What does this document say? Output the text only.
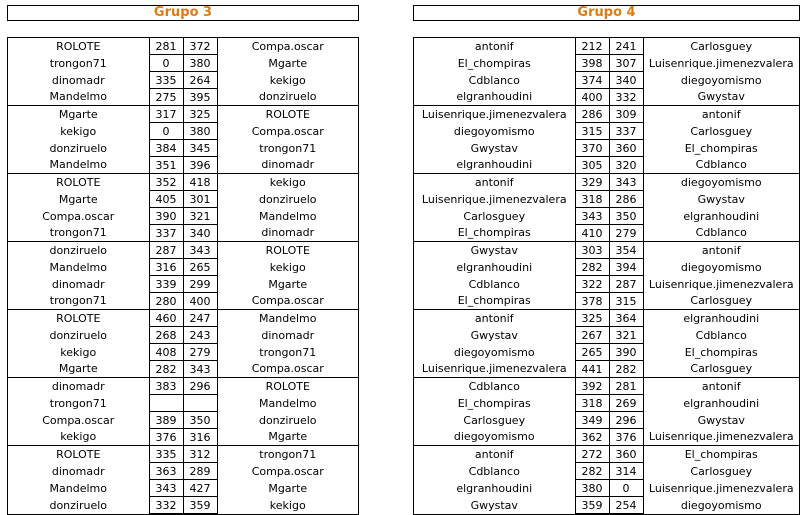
Grupo 3	Grupo 4
ROLOTE	281	372	Compa.oscar
trongon71	0	380	Mgarte
dinomadr	335	264	kekigo
Mandelmo	275	395	donziruelo
Mgarte	317	325	ROLOTE
kekigo	0	380	Compa.oscar
donziruelo	384	345	trongon71
Mandelmo	351	396	dinomadr
ROLOTE	352	418	kekigo
Mgarte	405	301	donziruelo
Compa.oscar	390	321	Mandelmo
trongon71	337	340	dinomadr
donziruelo	287	343	ROLOTE
Mandelmo	316	265	kekigo
dinomadr	339	299	Mgarte
trongon71	280	400	Compa.oscar
ROLOTE	460	247	Mandelmo
donziruelo	268	243	dinomadr
kekigo	408	279	trongon71
Mgarte	282	343	Compa.oscar
dinomadr	383	296	ROLOTE
trongon71			Mandelmo
Compa.oscar	389	350	donziruelo
kekigo	376	316	Mgarte
ROLOTE	335	312	trongon71
dinomadr	363	289	Compa.oscar
Mandelmo	343	427	Mgarte
donziruelo	332	359	kekigo
antonif	212	241	Carlosguey
El_chompiras	398	307	Luisenrique.jimenezvalera
Cdblanco	374	340	diegoyomismo
elgranhoudini	400	332	Gwystav
Luisenrique.jimenezvalera	286	309	antonif
diegoyomismo	315	337	Carlosguey
Gwystav	370	360	El_chompiras
elgranhoudini	305	320	Cdblanco
antonif	329	343	diegoyomismo
Luisenrique.jimenezvalera	318	286	Gwystav
Carlosguey	343	350	elgranhoudini
El_chompiras	410	279	Cdblanco
Gwystav	303	354	antonif
elgranhoudini	282	394	diegoyomismo
Cdblanco	322	287	Luisenrique.jimenezvalera
El_chompiras	378	315	Carlosguey
antonif	325	364	elgranhoudini
Gwystav	267	321	Cdblanco
diegoyomismo	265	390	El_chompiras
Luisenrique.jimenezvalera	441	282	Carlosguey
Cdblanco	392	281	antonif
El_chompiras	318	269	elgranhoudini
Carlosguey	349	296	Gwystav
diegoyomismo	362	376	Luisenrique.jimenezvalera
antonif	272	360	El_chompiras
Cdblanco	282	314	Carlosguey
elgranhoudini	380	0	Luisenrique.jimenezvalera
Gwystav	359	254	diegoyomismo
